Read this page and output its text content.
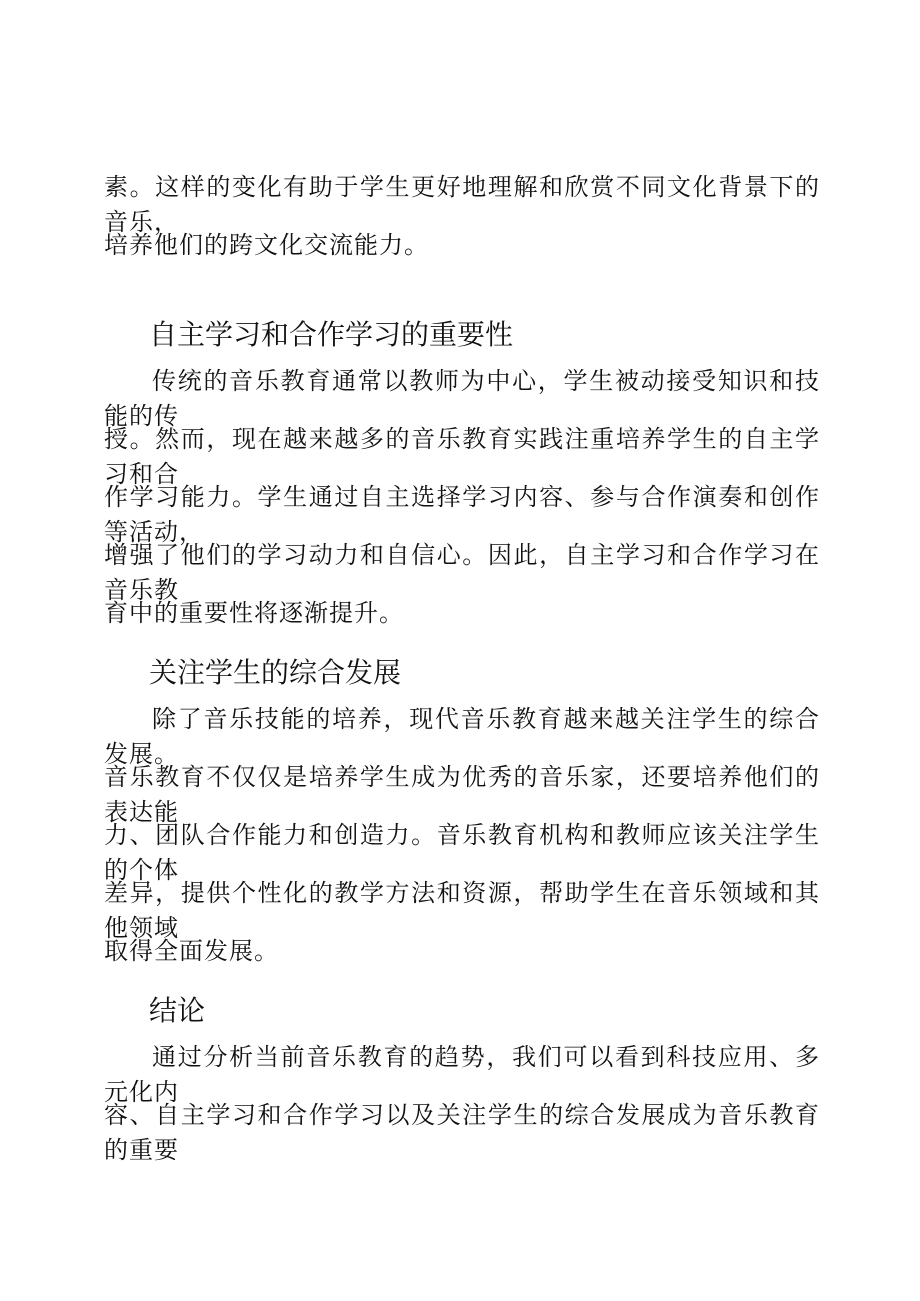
素。这样的变化有助于学生更好地理解和欣赏不同文化背景下的音乐，
培养他们的跨文化交流能力。
自主学习和合作学习的重要性
传统的音乐教育通常以教师为中心，学生被动接受知识和技能的传
授。然而，现在越来越多的音乐教育实践注重培养学生的自主学习和合
作学习能力。学生通过自主选择学习内容、参与合作演奏和创作等活动，
增强了他们的学习动力和自信心。因此，自主学习和合作学习在音乐教
育中的重要性将逐渐提升。
关注学生的综合发展
除了音乐技能的培养，现代音乐教育越来越关注学生的综合发展。
音乐教育不仅仅是培养学生成为优秀的音乐家，还要培养他们的表达能
力、团队合作能力和创造力。音乐教育机构和教师应该关注学生的个体
差异，提供个性化的教学方法和资源，帮助学生在音乐领域和其他领域
取得全面发展。
结论
通过分析当前音乐教育的趋势，我们可以看到科技应用、多元化内
容、自主学习和合作学习以及关注学生的综合发展成为音乐教育的重要
